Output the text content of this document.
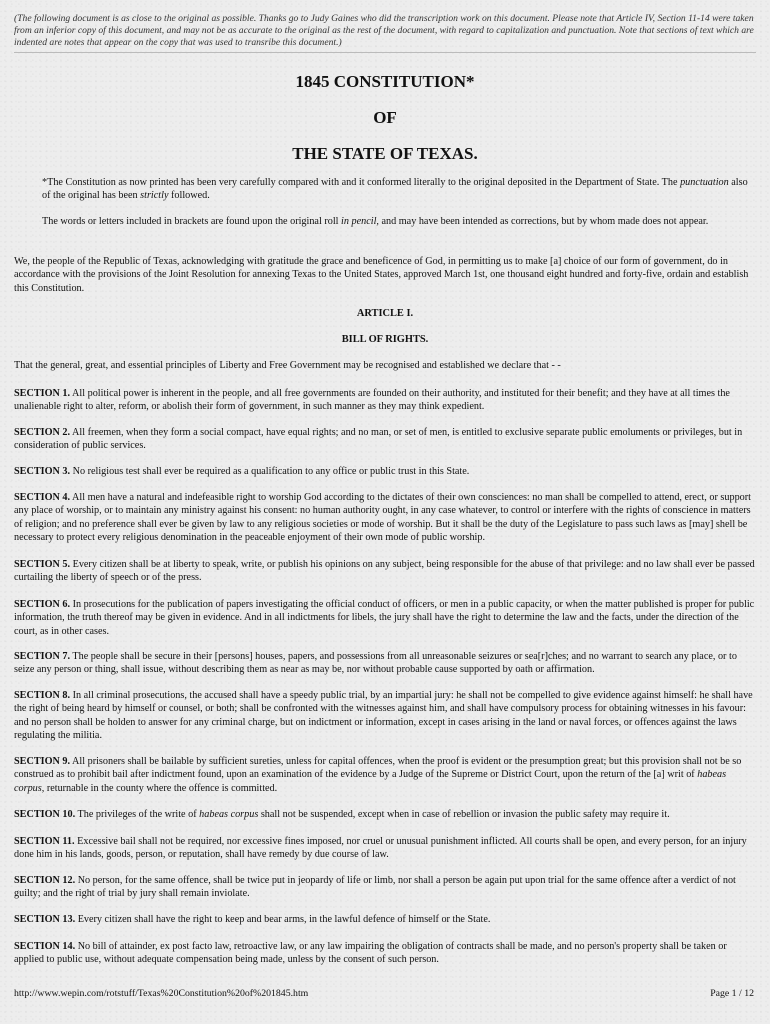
(The following document is as close to the original as possible. Thanks go to Judy Gaines who did the transcription work on this document. Please note that Article IV, Section 11-14 were taken from an inferior copy of this document, and may not be as accurate to the original as the rest of the document, with regard to capitalization and punctuation. Note that sections of text which are indented are notes that appear on the copy that was used to transribe this document.)
1845 CONSTITUTION*
OF
THE STATE OF TEXAS.
*The Constitution as now printed has been very carefully compared with and it conformed literally to the original deposited in the Department of State. The punctuation also of the original has been strictly followed.
The words or letters included in brackets are found upon the original roll in pencil, and may have been intended as corrections, but by whom made does not appear.
We, the people of the Republic of Texas, acknowledging with gratitude the grace and beneficence of God, in permitting us to make [a] choice of our form of government, do in accordance with the provisions of the Joint Resolution for annexing Texas to the United States, approved March 1st, one thousand eight hundred and forty-five, ordain and establish this Constitution.
ARTICLE I.
BILL OF RIGHTS.
That the general, great, and essential principles of Liberty and Free Government may be recognised and established we declare that - -
SECTION 1. All political power is inherent in the people, and all free governments are founded on their authority, and instituted for their benefit; and they have at all times the unalienable right to alter, reform, or abolish their form of government, in such manner as they may think expedient.
SECTION 2. All freemen, when they form a social compact, have equal rights; and no man, or set of men, is entitled to exclusive separate public emoluments or privileges, but in consideration of public services.
SECTION 3. No religious test shall ever be required as a qualification to any office or public trust in this State.
SECTION 4. All men have a natural and indefeasible right to worship God according to the dictates of their own consciences: no man shall be compelled to attend, erect, or support any place of worship, or to maintain any ministry against his consent: no human authority ought, in any case whatever, to control or interfere with the rights of conscience in matters of religion; and no preference shall ever be given by law to any religious societies or mode of worship. But it shall be the duty of the Legislature to pass such laws as [may] shell be necessary to protect every religious denomination in the peaceable enjoyment of their own mode of public worship.
SECTION 5. Every citizen shall be at liberty to speak, write, or publish his opinions on any subject, being responsible for the abuse of that privilege: and no law shall ever be passed curtailing the liberty of speech or of the press.
SECTION 6. In prosecutions for the publication of papers investigating the official conduct of officers, or men in a public capacity, or when the matter published is proper for public information, the truth thereof may be given in evidence. And in all indictments for libels, the jury shall have the right to determine the law and the facts, under the direction of the court, as in other cases.
SECTION 7. The people shall be secure in their [persons] houses, papers, and possessions from all unreasonable seizures or sea[r]ches; and no warrant to search any place, or to seize any person or thing, shall issue, without describing them as near as may be, nor without probable cause supported by oath or affirmation.
SECTION 8. In all criminal prosecutions, the accused shall have a speedy public trial, by an impartial jury: he shall not be compelled to give evidence against himself: he shall have the right of being heard by himself or counsel, or both; shall be confronted with the witnesses against him, and shall have compulsory process for obtaining witnesses in his favour: and no person shall be holden to answer for any criminal charge, but on indictment or information, except in cases arising in the land or naval forces, or offences against the laws regulating the militia.
SECTION 9. All prisoners shall be bailable by sufficient sureties, unless for capital offences, when the proof is evident or the presumption great; but this provision shall not be so construed as to prohibit bail after indictment found, upon an examination of the evidence by a Judge of the Supreme or District Court, upon the return of the [a] writ of habeas corpus, returnable in the county where the offence is committed.
SECTION 10. The privileges of the write of habeas corpus shall not be suspended, except when in case of rebellion or invasion the public safety may require it.
SECTION 11. Excessive bail shall not be required, nor excessive fines imposed, nor cruel or unusual punishment inflicted. All courts shall be open, and every person, for an injury done him in his lands, goods, person, or reputation, shall have remedy by due course of law.
SECTION 12. No person, for the same offence, shall be twice put in jeopardy of life or limb, nor shall a person be again put upon trial for the same offence after a verdict of not guilty; and the right of trial by jury shall remain inviolate.
SECTION 13. Every citizen shall have the right to keep and bear arms, in the lawful defence of himself or the State.
SECTION 14. No bill of attainder, ex post facto law, retroactive law, or any law impairing the obligation of contracts shall be made, and no person's property shall be taken or applied to public use, without adequate compensation being made, unless by the consent of such person.
http://www.wepin.com/rotstuff/Texas%20Constitution%20of%201845.htm	Page 1 / 12
